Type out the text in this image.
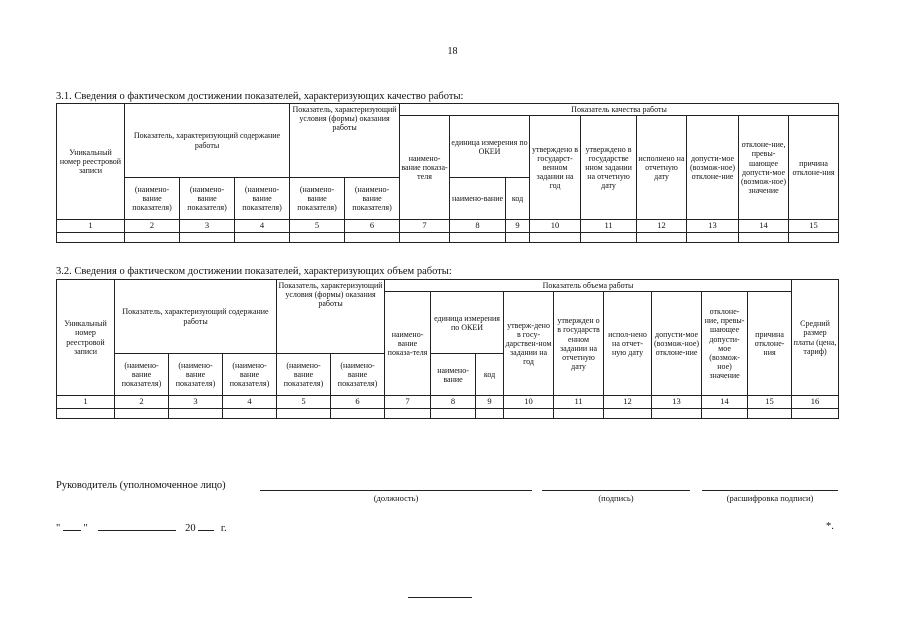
18
3.1. Сведения о фактическом достижении показателей, характеризующих качество работы:
Уникальный номер реестровой записи	Показатель, характеризующий содержание работы			Показатель, характеризующий условия (формы) оказания работы		Показатель качества работы								
						наимено-вание показа-теля	единица измерения по ОКЕИ		утверждено в государст-венном задании на год	утверждено в государстве нном задании на отчетную дату	исполнено на отчетную дату	допусти-мое (возмож-ное) отклоне-ние	отклоне-ние, превы-шающее допусти-мое (возмож-ное) значение	причина отклоне-ния
	(наимено-вание показателя)	(наимено-вание показателя)	(наимено-вание показателя)	(наимено-вание показателя)	(наимено-вание показателя)		наимено-вание	код						
1	2	3	4	5	6	7	8	9	10	11	12	13	14	15

3.2. Сведения о фактическом достижении показателей, характеризующих объем работы:
Уникальный номер реестровой записи	Показатель, характеризующий содержание работы			Показатель, характеризующий условия (формы) оказания работы		Показатель объема работы									Средний размер платы (цена, тариф)
						наимено-вание показа-теля	единица измерения по ОКЕИ		утверж-дено в госу-дарствен-ном задании на год	утвержден о в государств енном задании на отчетную дату	испол-нено на отчет-ную дату	допусти-мое (возмож-ное) отклоне-ние	отклоне-ние, превы-шающее допусти-мое (возмож-ное) значение	причина отклоне-ния	
	(наимено-вание показателя)	(наимено-вание показателя)	(наимено-вание показателя)	(наимено-вание показателя)	(наимено-вание показателя)		наимено-вание	код							
1	2	3	4	5	6	7	8	9	10	11	12	13	14	15	16

Руководитель (уполномоченное лицо)
(должность)	(подпись)	(расшифровка подписи)
" "	20 г.	*.
